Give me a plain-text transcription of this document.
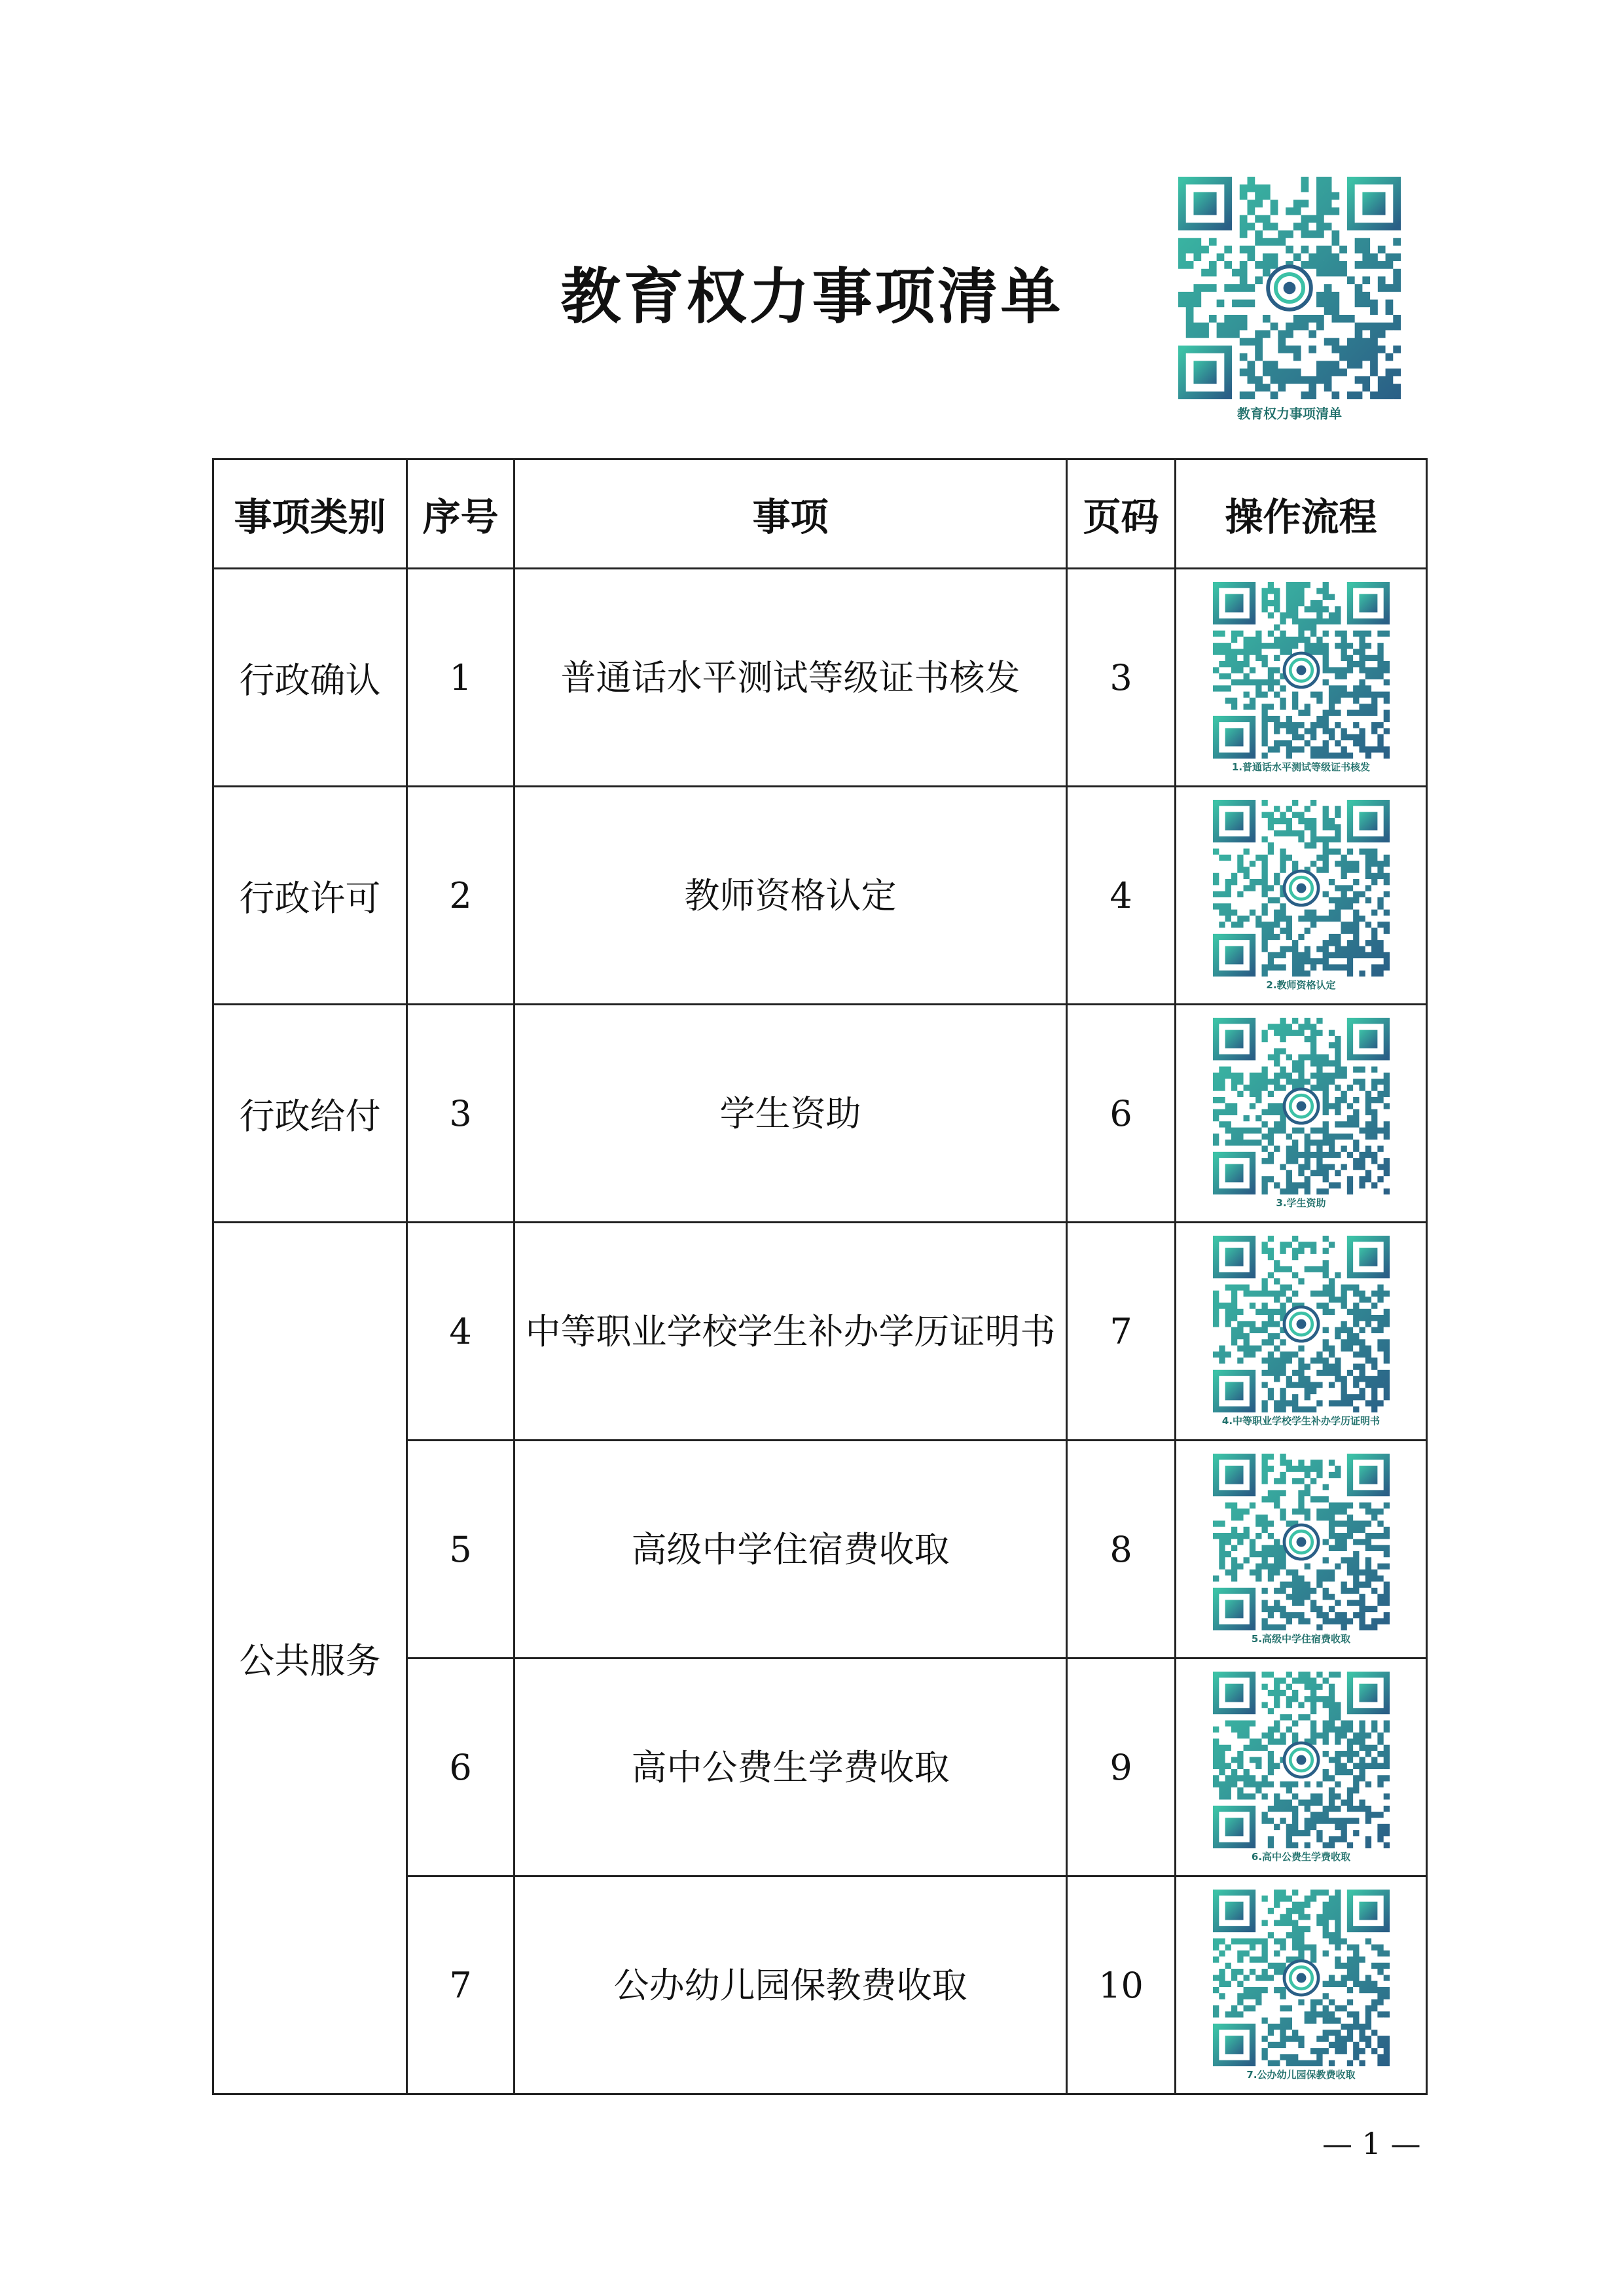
教育权力事项清单
教育权力事项清单
事项类别	序号	事项	页码	操作流程
行政确认	1	普通话水平测试等级证书核发	3	1.普通话水平测试等级证书核发

行政许可	2	教师资格认定	4	2.教师资格认定

行政给付	3	学生资助	6	3.学生资助

公共服务	4	中等职业学校学生补办学历证明书	7	4.中等职业学校学生补办学历证明书

	5	高级中学住宿费收取	8	5.高级中学住宿费收取

	6	高中公费生学费收取	9	6.高中公费生学费收取

	7	公办幼儿园保教费收取	10	7.公办幼儿园保教费收取
— 1 —
